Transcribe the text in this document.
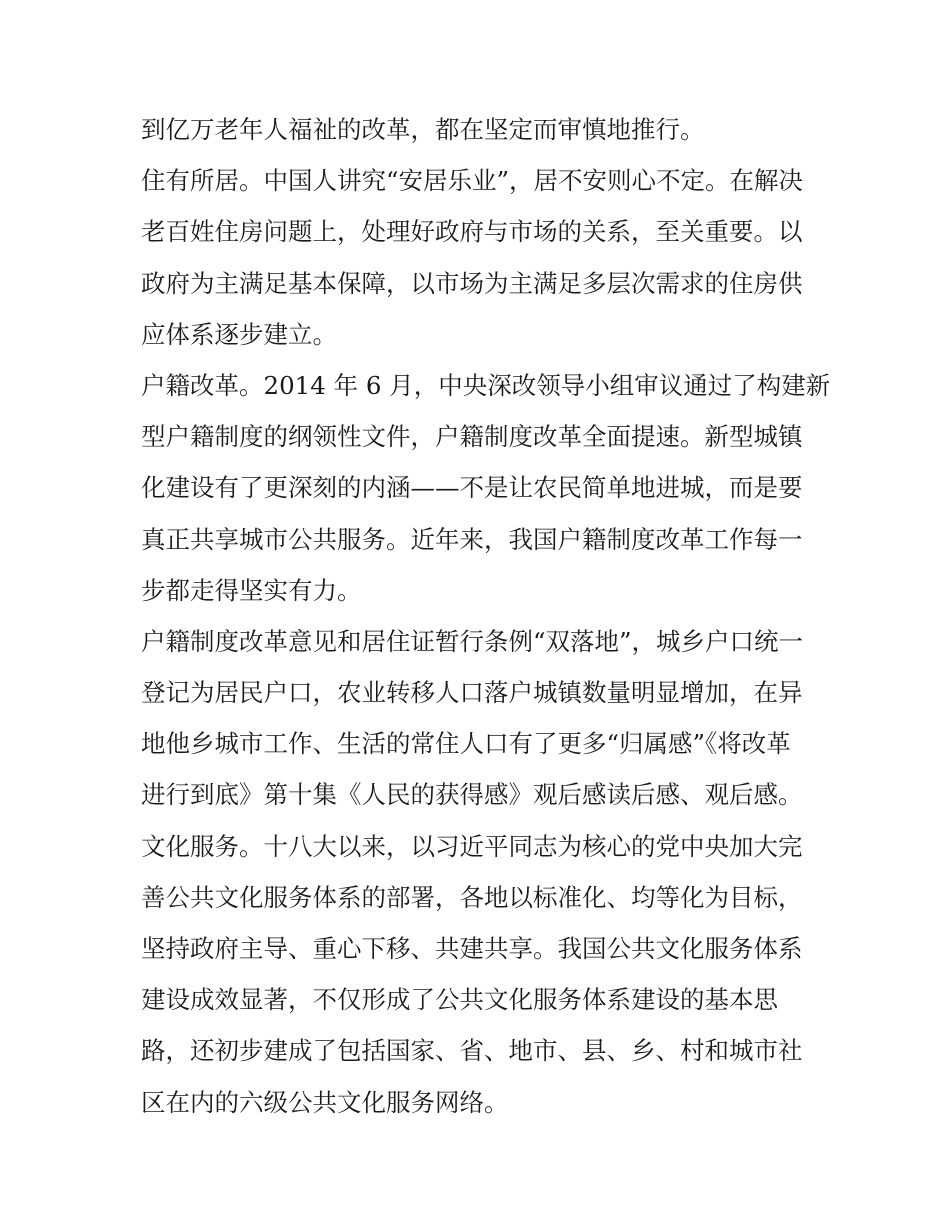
到亿万老年人福祉的改革，都在坚定而审慎地推行。
住有所居。中国人讲究“安居乐业”，居不安则心不定。在解决
老百姓住房问题上，处理好政府与市场的关系，至关重要。以
政府为主满足基本保障，以市场为主满足多层次需求的住房供
应体系逐步建立。
户籍改革。2014 年 6 月，中央深改领导小组审议通过了构建新
型户籍制度的纲领性文件，户籍制度改革全面提速。新型城镇
化建设有了更深刻的内涵——不是让农民简单地进城，而是要
真正共享城市公共服务。近年来，我国户籍制度改革工作每一
步都走得坚实有力。
户籍制度改革意见和居住证暂行条例“双落地”，城乡户口统一
登记为居民户口，农业转移人口落户城镇数量明显增加，在异
地他乡城市工作、生活的常住人口有了更多“归属感”《将改革
进行到底》第十集《人民的获得感》观后感读后感、观后感。
文化服务。十八大以来，以习近平同志为核心的党中央加大完
善公共文化服务体系的部署，各地以标准化、均等化为目标，
坚持政府主导、重心下移、共建共享。我国公共文化服务体系
建设成效显著，不仅形成了公共文化服务体系建设的基本思
路，还初步建成了包括国家、省、地市、县、乡、村和城市社
区在内的六级公共文化服务网络。
